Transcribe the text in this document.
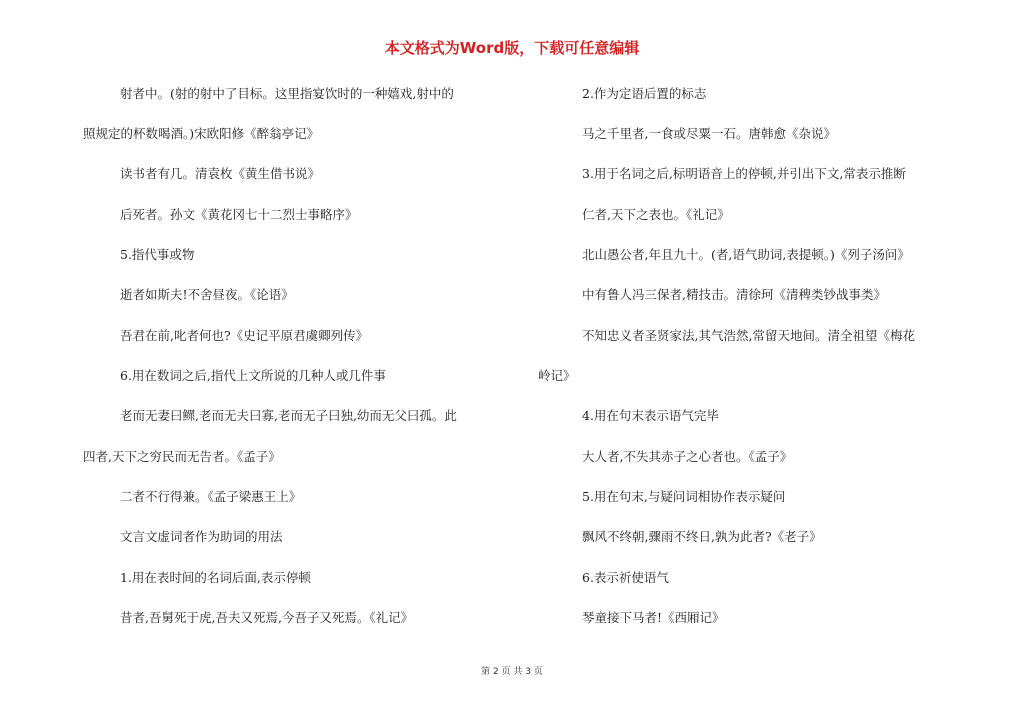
本文格式为Word版，下载可任意编辑
射者中。(射的射中了目标。这里指宴饮时的一种嬉戏,射中的
照规定的杯数喝酒。)宋欧阳修《醉翁亭记》
读书者有几。清袁枚《黄生借书说》
后死者。孙文《黄花冈七十二烈士事略序》
5.指代事或物
逝者如斯夫!不舍昼夜。《论语》
吾君在前,叱者何也?《史记平原君虞卿列传》
6.用在数词之后,指代上文所说的几种人或几件事
老而无妻曰鳏,老而无夫曰寡,老而无子曰独,幼而无父曰孤。此
四者,天下之穷民而无告者。《孟子》
二者不行得兼。《孟子梁惠王上》
文言文虚词者作为助词的用法
1.用在表时间的名词后面,表示停顿
昔者,吾舅死于虎,吾夫又死焉,今吾子又死焉。《礼记》
2.作为定语后置的标志
马之千里者,一食或尽粟一石。唐韩愈《杂说》
3.用于名词之后,标明语音上的停顿,并引出下文,常表示推断
仁者,天下之表也。《礼记》
北山愚公者,年且九十。(者,语气助词,表提顿。)《列子汤问》
中有鲁人冯三保者,精技击。清徐珂《清稗类钞战事类》
不知忠义者圣贤家法,其气浩然,常留天地间。清全祖望《梅花
岭记》
4.用在句末表示语气完毕
大人者,不失其赤子之心者也。《孟子》
5.用在句末,与疑问词相协作表示疑问
飘风不终朝,骤雨不终日,孰为此者?《老子》
6.表示祈使语气
琴童接下马者!《西厢记》
第 2 页 共 3 页
